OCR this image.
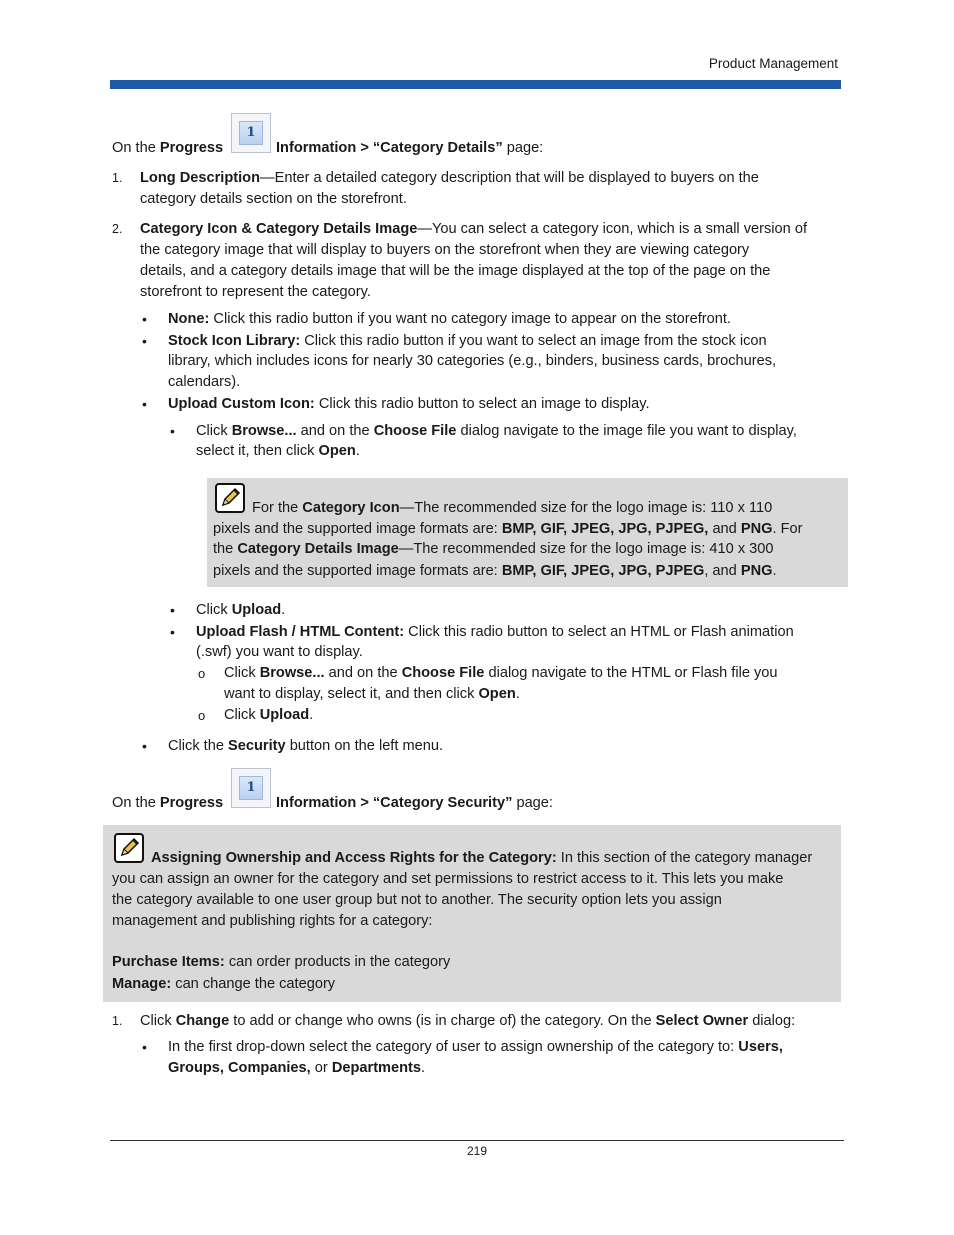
Product Management
On the Progress
1
Information > “Category Details” page:
1. Long Description—Enter a detailed category description that will be displayed to buyers on the
category details section on the storefront.
2. Category Icon & Category Details Image—You can select a category icon, which is a small version of
the category image that will display to buyers on the storefront when they are viewing category
details, and a category details image that will be the image displayed at the top of the page on the
storefront to represent the category.
• None: Click this radio button if you want no category image to appear on the storefront.
• Stock Icon Library: Click this radio button if you want to select an image from the stock icon
library, which includes icons for nearly 30 categories (e.g., binders, business cards, brochures,
calendars).
• Upload Custom Icon: Click this radio button to select an image to display.
• Click Browse... and on the Choose File dialog navigate to the image file you want to display,
select it, then click Open.
For the Category Icon—The recommended size for the logo image is: 110 x 110
pixels and the supported image formats are: BMP, GIF, JPEG, JPG, PJPEG, and PNG. For
the Category Details Image—The recommended size for the logo image is: 410 x 300
pixels and the supported image formats are: BMP, GIF, JPEG, JPG, PJPEG, and PNG.
• Click Upload.
• Upload Flash / HTML Content: Click this radio button to select an HTML or Flash animation
(.swf) you want to display.
o Click Browse... and on the Choose File dialog navigate to the HTML or Flash file you
want to display, select it, and then click Open.
o Click Upload.
• Click the Security button on the left menu.
On the Progress
1
Information > “Category Security” page:
Assigning Ownership and Access Rights for the Category: In this section of the category manager
you can assign an owner for the category and set permissions to restrict access to it. This lets you make
the category available to one user group but not to another. The security option lets you assign
management and publishing rights for a category:
Purchase Items: can order products in the category
Manage: can change the category
1. Click Change to add or change who owns (is in charge of) the category. On the Select Owner dialog:
• In the first drop-down select the category of user to assign ownership of the category to: Users,
Groups, Companies, or Departments.
219
